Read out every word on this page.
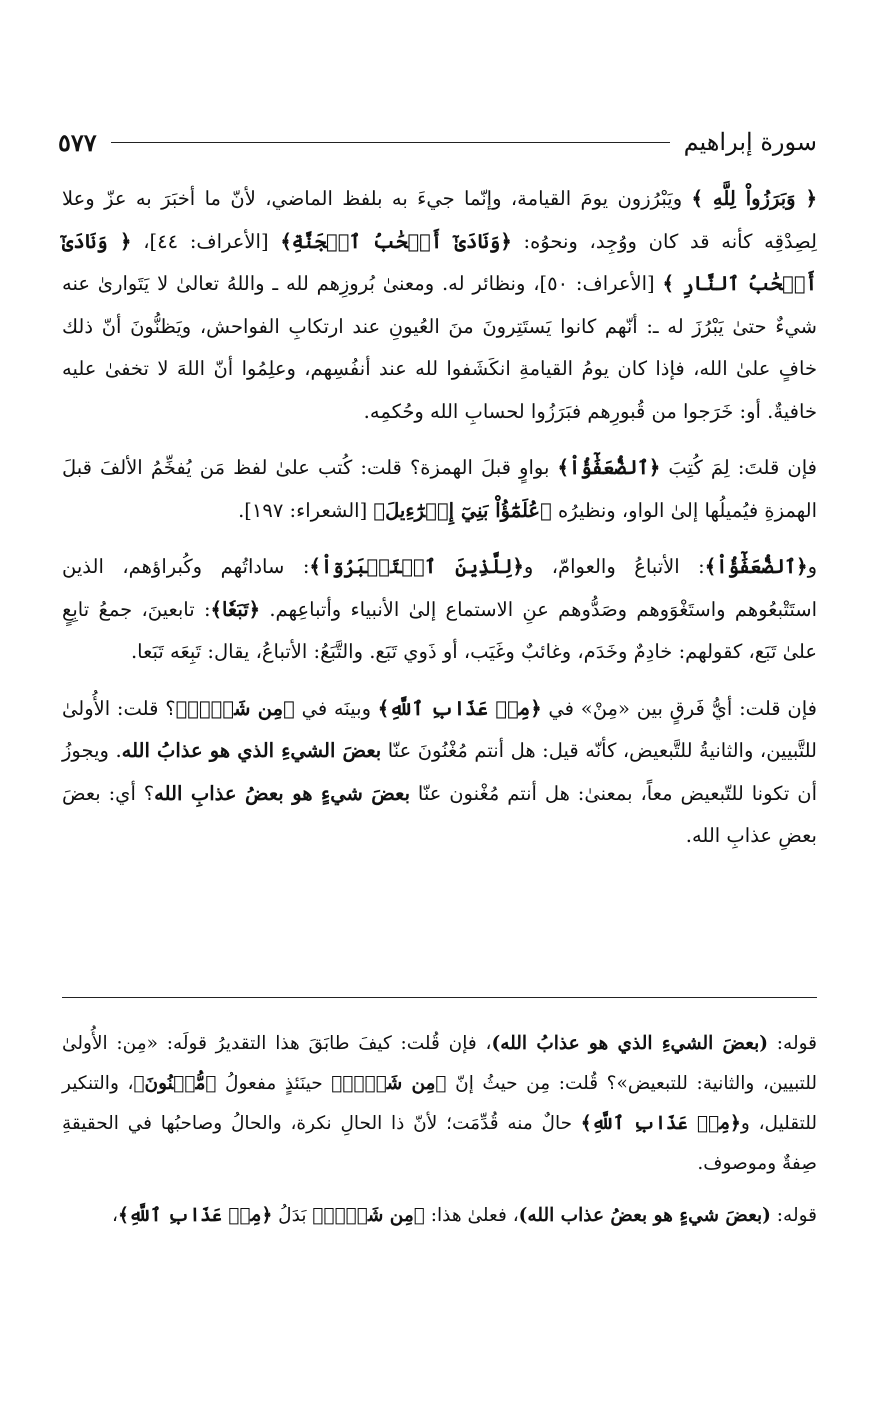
سورة إبراهيم
٥٧٧

﴿ وَبَرَزُواْ لِلَّهِ ﴾ ويَبْرُزون يومَ القيامة، وإنّما جيءَ به بلفظ الماضي، لأنّ ما أخبَرَ به عزّ وعلا لِصِدْقِه كأنه قد كان ووُجِد، ونحوُه: ﴿وَنَادَىٰٓ أَصۡحَٰبُ ٱلۡجَنَّةِ﴾ [الأعراف: ٤٤]، ﴿ وَنَادَىٰٓ أَصۡحَٰبُ ٱلنَّارِ ﴾ [الأعراف: ٥٠]، ونظائر له. ومعنىٰ بُروزِهم لله ـ واللهُ تعالىٰ لا يَتَوارىٰ عنه شيءٌ حتىٰ يَبْرُزَ له ـ: أنّهم كانوا يَستَتِرونَ منَ العُيونِ عند ارتكابِ الفواحش، ويَظنُّونَ أنّ ذلك خافٍ علىٰ الله، فإذا كان يومُ القيامةِ انكَشَفوا لله عند أنفُسِهم، وعلِمُوا أنّ اللهَ لا تخفىٰ عليه خافيةٌ. أو: خَرَجوا من قُبورِهم فبَرَزُوا لحسابِ الله وحُكمِه.

فإن قلتَ: لِمَ كُتِبَ ﴿ٱلضُّعَفَٰٓؤُاْ﴾ بواوٍ قبلَ الهمزة؟ قلت: كُتب علىٰ لفظ مَن يُفخِّمُ الألفَ قبلَ الهمزةِ فيُميلُها إلىٰ الواو، ونظيرُه ﴿عُلَمَٰٓؤُاْ بَنِيٓ إِسۡرَٰٓءِيلَ﴾ [الشعراء: ١٩٧].

و﴿ٱلضُّعَفَٰٓؤُاْ﴾: الأتباعُ والعوامّ، و﴿لِلَّذِينَ ٱسۡتَكۡبَرُوٓاْ﴾: ساداتُهم وكُبراؤهم، الذين استَتْبعُوهم واستَغْوَوهم وصَدُّوهم عنِ الاستماع إلىٰ الأنبياء وأتباعِهم. ﴿تَبَعٗا﴾: تابعينَ، جمعُ تابِعٍ علىٰ تَبَع، كقولهم: خادِمٌ وخَدَم، وغائبٌ وغَيَب، أو ذَوي تَبَع. والتَّبَعُ: الأتباعُ، يقال: تَبِعَه تَبَعا.

فإن قلت: أيُّ فَرقٍ بين «مِنْ» في ﴿مِنۡ عَذَابِ ٱللَّهِ﴾ وبينَه في ﴿مِن شَيۡءٖ﴾؟ قلت: الأُولىٰ للتَّبيين، والثانيةُ للتَّبعيض، كأنّه قيل: هل أنتم مُغْنُونَ عنّا بعضَ الشيءِ الذي هو عذابُ الله. ويجوزُ أن تكونا للتّبعيض معاً، بمعنىٰ: هل أنتم مُغْنون عنّا بعضَ شيءٍ هو بعضُ عذابِ الله؟ أي: بعضَ بعضِ عذابِ الله.

قوله: (بعضَ الشيءِ الذي هو عذابُ الله)، فإن قُلت: كيفَ طابَقَ هذا التقديرُ قولَه: «مِن: الأُولىٰ للتبيين، والثانية: للتبعيض»؟ قُلت: مِن حيثُ إنّ ﴿مِن شَيۡءٖ﴾ حينَئذٍ مفعولُ ﴿مُّغۡنُونَ﴾، والتنكير للتقليل، و﴿مِنۡ عَذَابِ ٱللَّهِ﴾ حالٌ منه قُدِّمَت؛ لأنّ ذا الحالِ نكرة، والحالُ وصاحبُها في الحقيقةِ صِفةٌ وموصوف.

قوله: (بعضَ شيءٍ هو بعضُ عذاب الله)، فعلىٰ هذا: ﴿مِن شَيۡءٖ﴾ بَدَلُ ﴿مِنۡ عَذَابِ ٱللَّهِ﴾،
